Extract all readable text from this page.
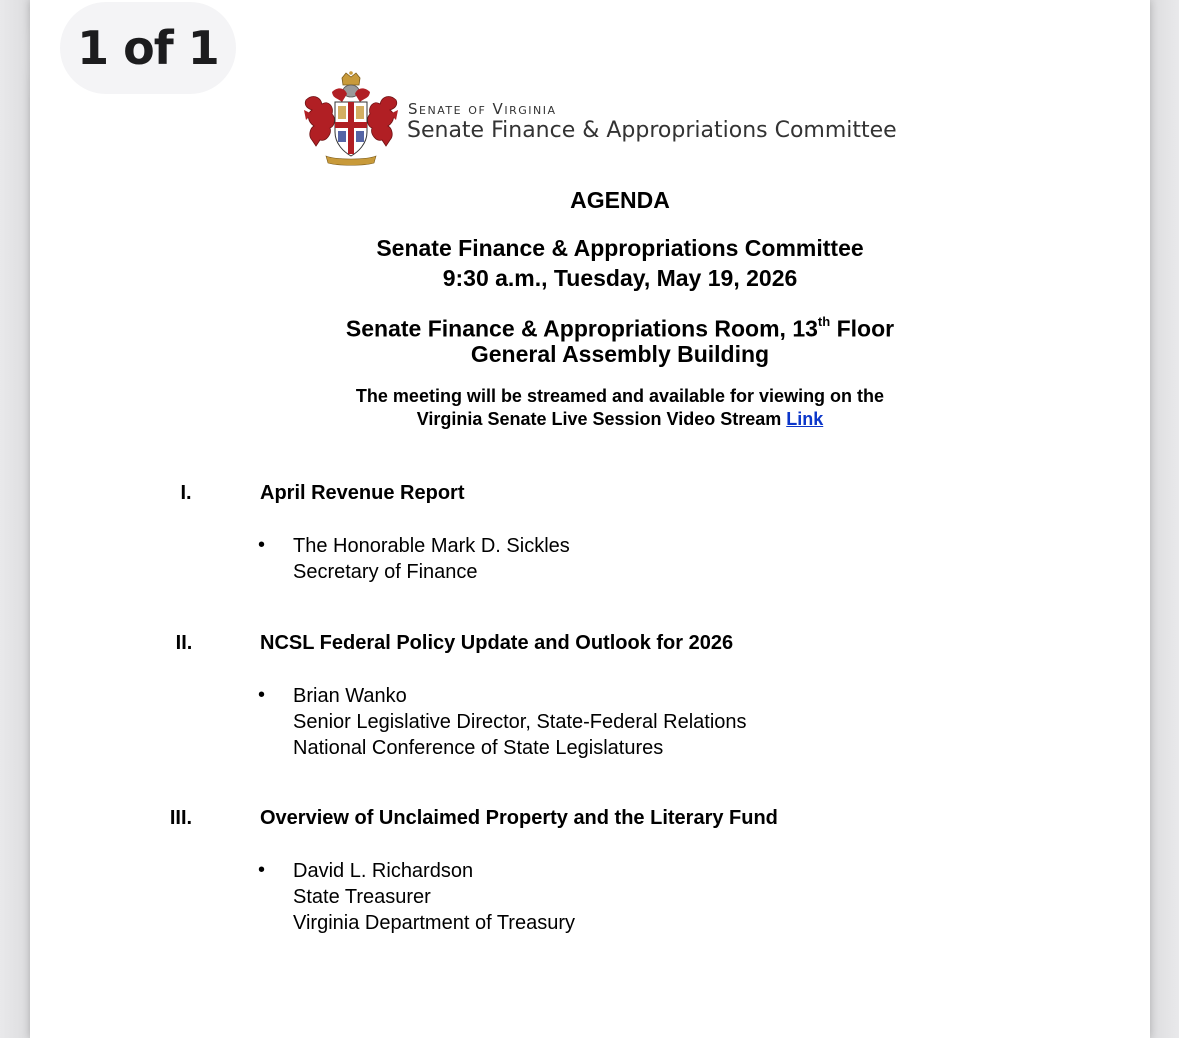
1 of 1
Senate of Virginia
Senate Finance & Appropriations Committee
AGENDA
Senate Finance & Appropriations Committee
9:30 a.m., Tuesday, May 19, 2026
Senate Finance & Appropriations Room, 13th Floor
General Assembly Building
The meeting will be streamed and available for viewing on the
Virginia Senate Live Session Video Stream Link
I.	April Revenue Report
• The Honorable Mark D. Sickles
Secretary of Finance
II.	NCSL Federal Policy Update and Outlook for 2026
• Brian Wanko
Senior Legislative Director, State-Federal Relations
National Conference of State Legislatures
III.	Overview of Unclaimed Property and the Literary Fund
• David L. Richardson
State Treasurer
Virginia Department of Treasury
